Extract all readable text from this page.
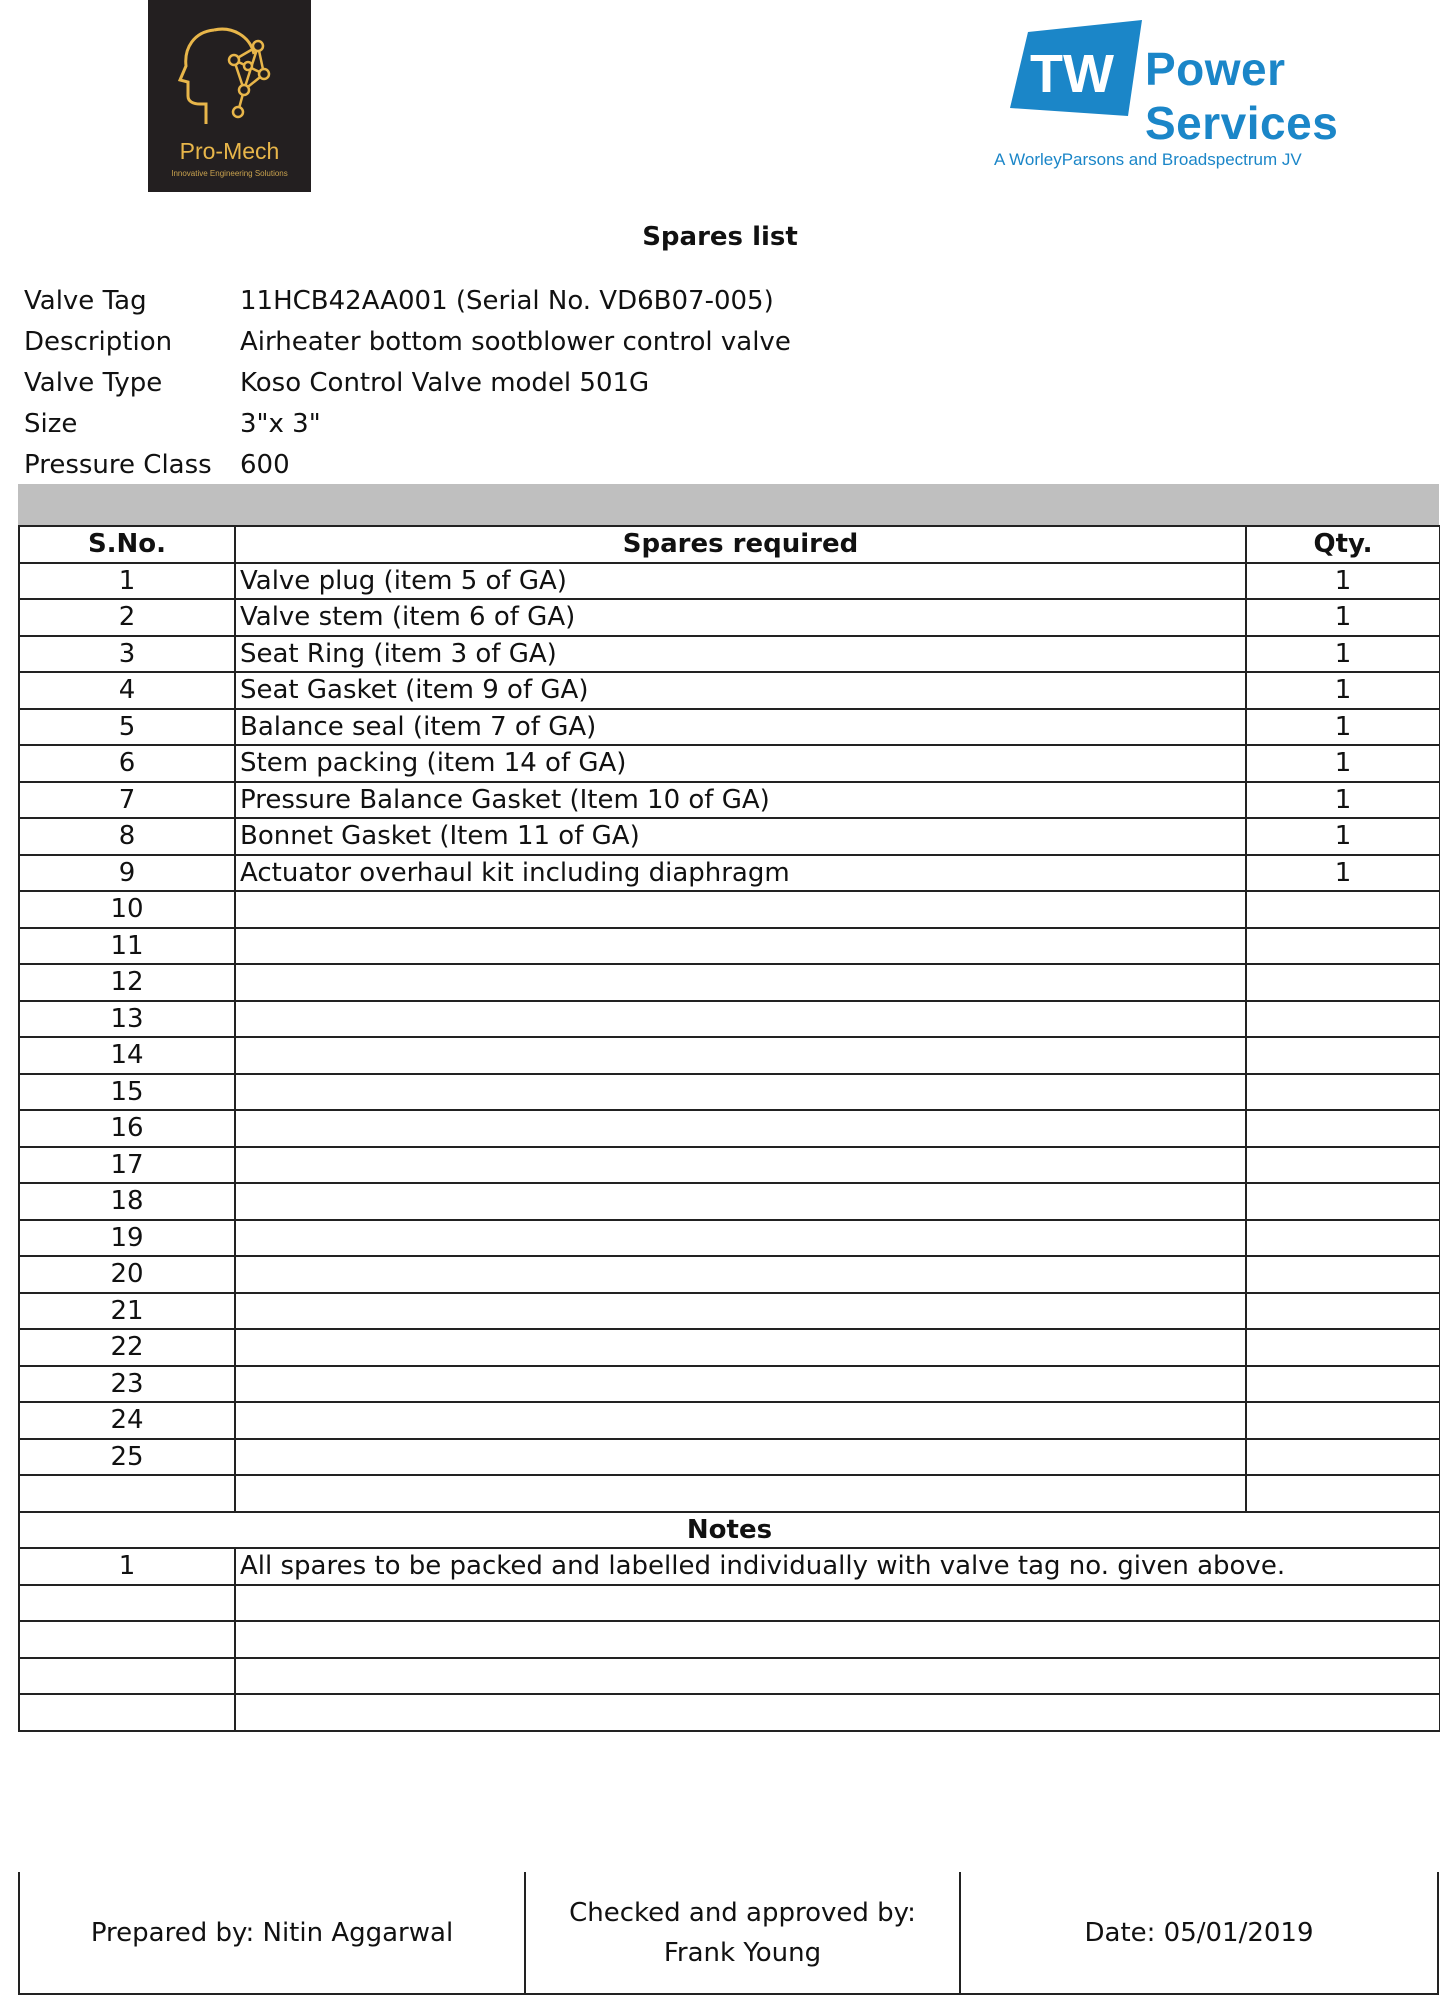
Pro-Mech
Innovative Engineering Solutions
TW Power
Services
A WorleyParsons and Broadspectrum JV
Spares list
Valve Tag	11HCB42AA001 (Serial No. VD6B07-005)
Description	Airheater bottom sootblower control valve
Valve Type	Koso Control Valve model 501G
Size	3"x 3"
Pressure Class	600
S.No.	Spares required	Qty.
1	Valve plug (item 5 of GA)	1
2	Valve stem (item 6 of GA)	1
3	Seat Ring (item 3 of GA)	1
4	Seat Gasket (item 9 of GA)	1
5	Balance seal (item 7 of GA)	1
6	Stem packing (item 14 of GA)	1
7	Pressure Balance Gasket (Item 10 of GA)	1
8	Bonnet Gasket (Item 11 of GA)	1
9	Actuator overhaul kit including diaphragm	1
10		
11		
12		
13		
14		
15		
16		
17		
18		
19		
20		
21		
22		
23		
24		
25		

Notes		
1	All spares to be packed and labelled individually with valve tag no. given above.	

Prepared by: Nitin Aggarwal
Checked and approved by: Frank Young
Date: 05/01/2019
